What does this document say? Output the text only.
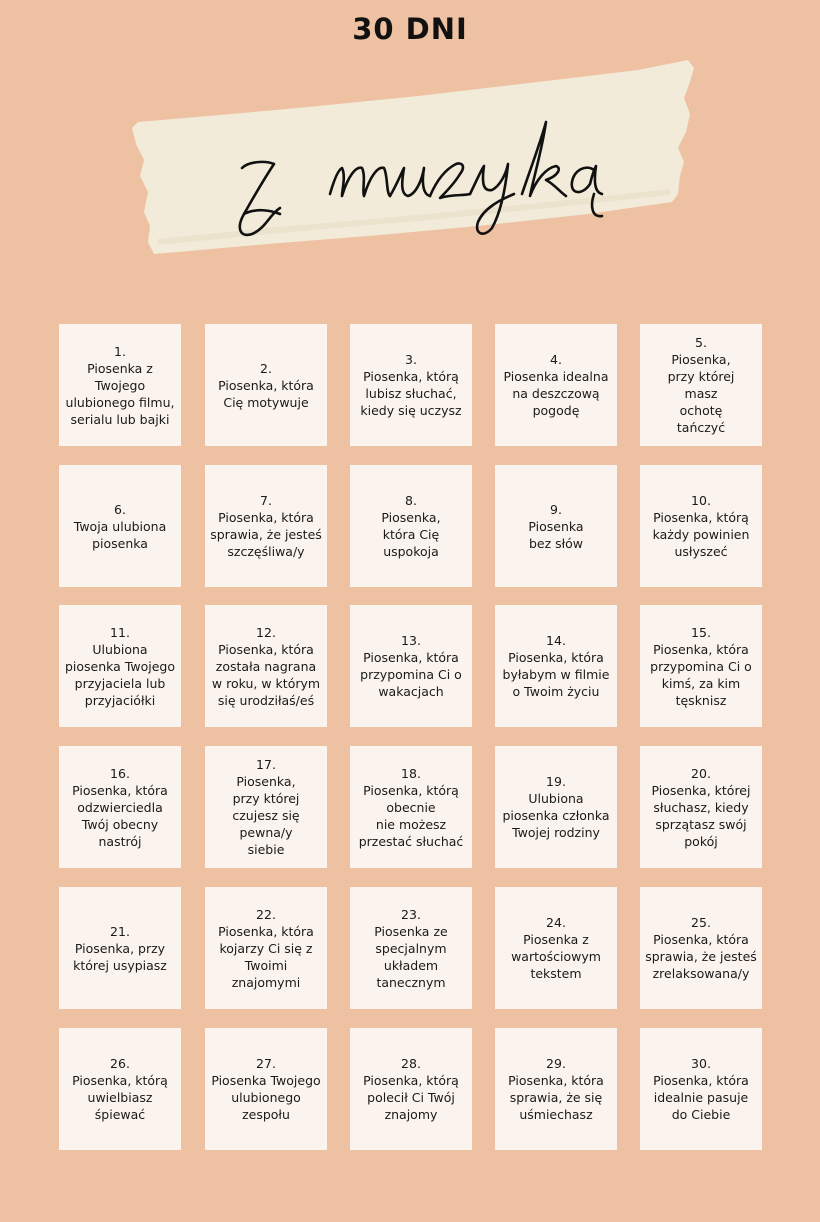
30 DNI
1.
Piosenka z
Twojego
ulubionego filmu,
serialu lub bajki
2.
Piosenka, która
Cię motywuje
3.
Piosenka, którą
lubisz słuchać,
kiedy się uczysz
4.
Piosenka idealna
na deszczową
pogodę
5.
Piosenka,
przy której
masz
ochotę
tańczyć
6.
Twoja ulubiona
piosenka
7.
Piosenka, która
sprawia, że jesteś
szczęśliwa/y
8.
Piosenka,
która Cię
uspokoja
9.
Piosenka
bez słów
10.
Piosenka, którą
każdy powinien
usłyszeć
11.
Ulubiona
piosenka Twojego
przyjaciela lub
przyjaciółki
12.
Piosenka, która
została nagrana
w roku, w którym
się urodziłaś/eś
13.
Piosenka, która
przypomina Ci o
wakacjach
14.
Piosenka, która
byłabym w filmie
o Twoim życiu
15.
Piosenka, która
przypomina Ci o
kimś, za kim
tęsknisz
16.
Piosenka, która
odzwierciedla
Twój obecny
nastrój
17.
Piosenka,
przy której
czujesz się
pewna/y
siebie
18.
Piosenka, którą
obecnie
nie możesz
przestać słuchać
19.
Ulubiona
piosenka członka
Twojej rodziny
20.
Piosenka, której
słuchasz, kiedy
sprzątasz swój
pokój
21.
Piosenka, przy
której usypiasz
22.
Piosenka, która
kojarzy Ci się z
Twoimi
znajomymi
23.
Piosenka ze
specjalnym
układem
tanecznym
24.
Piosenka z
wartościowym
tekstem
25.
Piosenka, która
sprawia, że jesteś
zrelaksowana/y
26.
Piosenka, którą
uwielbiasz
śpiewać
27.
Piosenka Twojego
ulubionego
zespołu
28.
Piosenka, którą
polecił Ci Twój
znajomy
29.
Piosenka, która
sprawia, że się
uśmiechasz
30.
Piosenka, która
idealnie pasuje
do Ciebie
